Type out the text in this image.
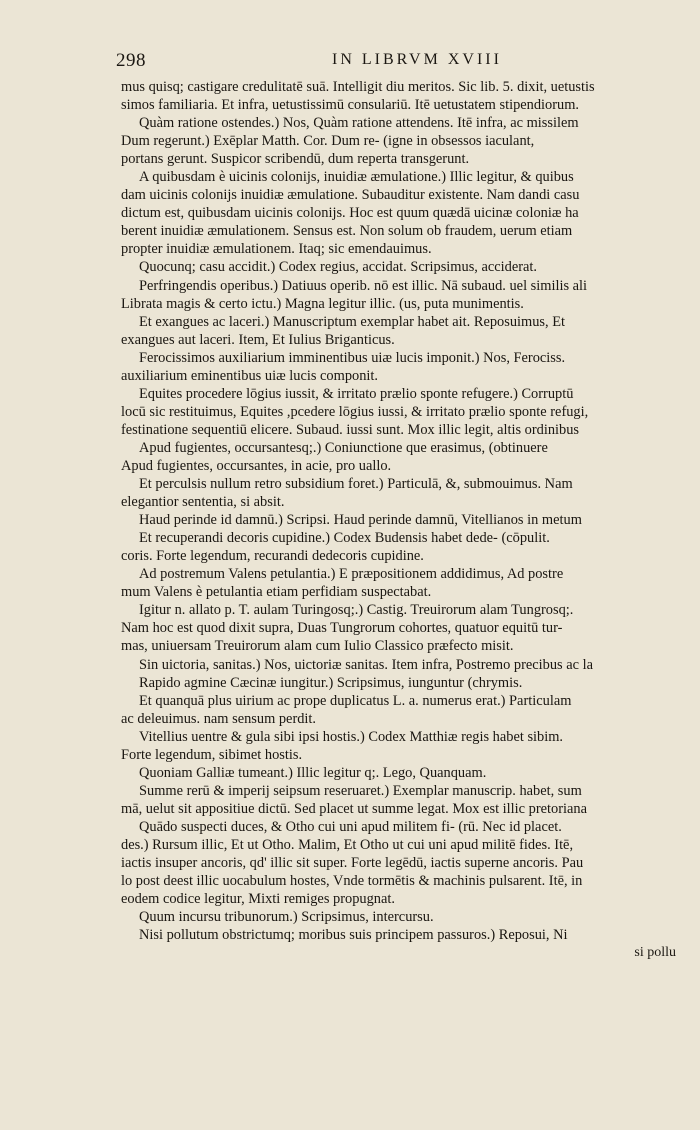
298	IN LIBRVM XVIII
mus quisq; castigare credulitatē suā. Intelligit diu meritos. Sic lib. 5. dixit, uetustis
simos familiaria. Et infra, uetustissimū consulariū. Itē uetustatem stipendiorum.
Quàm ratione ostendes.) Nos, Quàm ratione attendens. Itē infra, ac missilem
Dum regerunt.) Exēplar Matth. Cor. Dum re- (igne in obsessos iaculant,
portans gerunt. Suspicor scribendū, dum reperta transgerunt.
A quibusdam è uicinis colonijs, inuidiæ æmulatione.) Illic legitur, & quibus
dam uicinis colonijs inuidiæ æmulatione. Subauditur existente. Nam dandi casu
dictum est, quibusdam uicinis colonijs. Hoc est quum quædā uicinæ coloniæ ha
berent inuidiæ æmulationem. Sensus est. Non solum ob fraudem, uerum etiam
propter inuidiæ æmulationem. Itaq; sic emendauimus.
Quocunq; casu accidit.) Codex regius, accidat. Scripsimus, acciderat.
Perfringendis operibus.) Datiuus operib. nō est illic. Nā subaud. uel similis ali
Librata magis & certo ictu.) Magna legitur illic. (us, puta munimentis.
Et exangues ac laceri.) Manuscriptum exemplar habet ait. Reposuimus, Et
exangues aut laceri. Item, Et Iulius Briganticus.
Ferocissimos auxiliarium imminentibus uiæ lucis imponit.) Nos, Ferociss.
auxiliarium eminentibus uiæ lucis componit.
Equites procedere lōgius iussit, & irritato prælio sponte refugere.) Corruptū
locū sic restituimus, Equites ,pcedere lōgius iussi, & irritato prælio sponte refugi,
festinatione sequentiū elicere. Subaud. iussi sunt. Mox illic legit, altis ordinibus
Apud fugientes, occursantesq;.) Coniunctione que erasimus, (obtinuere
Apud fugientes, occursantes, in acie, pro uallo.
Et perculsis nullum retro subsidium foret.) Particulā, &, submouimus. Nam
elegantior sententia, si absit.
Haud perinde id damnū.) Scripsi. Haud perinde damnū, Vitellianos in metum
Et recuperandi decoris cupidine.) Codex Budensis habet dede- (cōpulit.
coris. Forte legendum, recurandi dedecoris cupidine.
Ad postremum Valens petulantia.) E præpositionem addidimus, Ad postre
mum Valens è petulantia etiam perfidiam suspectabat.
Igitur n. allato p. T. aulam Turingosq;.) Castig. Treuirorum alam Tungrosq;.
Nam hoc est quod dixit supra, Duas Tungrorum cohortes, quatuor equitū tur-
mas, uniuersam Treuirorum alam cum Iulio Classico præfecto misit.
Sin uictoria, sanitas.) Nos, uictoriæ sanitas. Item infra, Postremo precibus ac la
Rapido agmine Cæcinæ iungitur.) Scripsimus, iunguntur (chrymis.
Et quanquā plus uirium ac prope duplicatus L. a. numerus erat.) Particulam
ac deleuimus. nam sensum perdit.
Vitellius uentre & gula sibi ipsi hostis.) Codex Matthiæ regis habet sibim.
Forte legendum, sibimet hostis.
Quoniam Galliæ tumeant.) Illic legitur q;. Lego, Quanquam.
Summe rerū & imperij seipsum reseruaret.) Exemplar manuscrip. habet, sum
mā, uelut sit appositiue dictū. Sed placet ut summe legat. Mox est illic pretoriana
Quādo suspecti duces, & Otho cui uni apud militem fi- (rū. Nec id placet.
des.) Rursum illic, Et ut Otho. Malim, Et Otho ut cui uni apud militē fides. Itē,
iactis insuper ancoris, qd' illic sit super. Forte legēdū, iactis superne ancoris. Pau
lo post deest illic uocabulum hostes, Vnde tormētis & machinis pulsarent. Itē, in
eodem codice legitur, Mixti remiges propugnat.
Quum incursu tribunorum.) Scripsimus, intercursu.
Nisi pollutum obstrictumq; moribus suis principem passuros.) Reposui, Ni
si pollu
